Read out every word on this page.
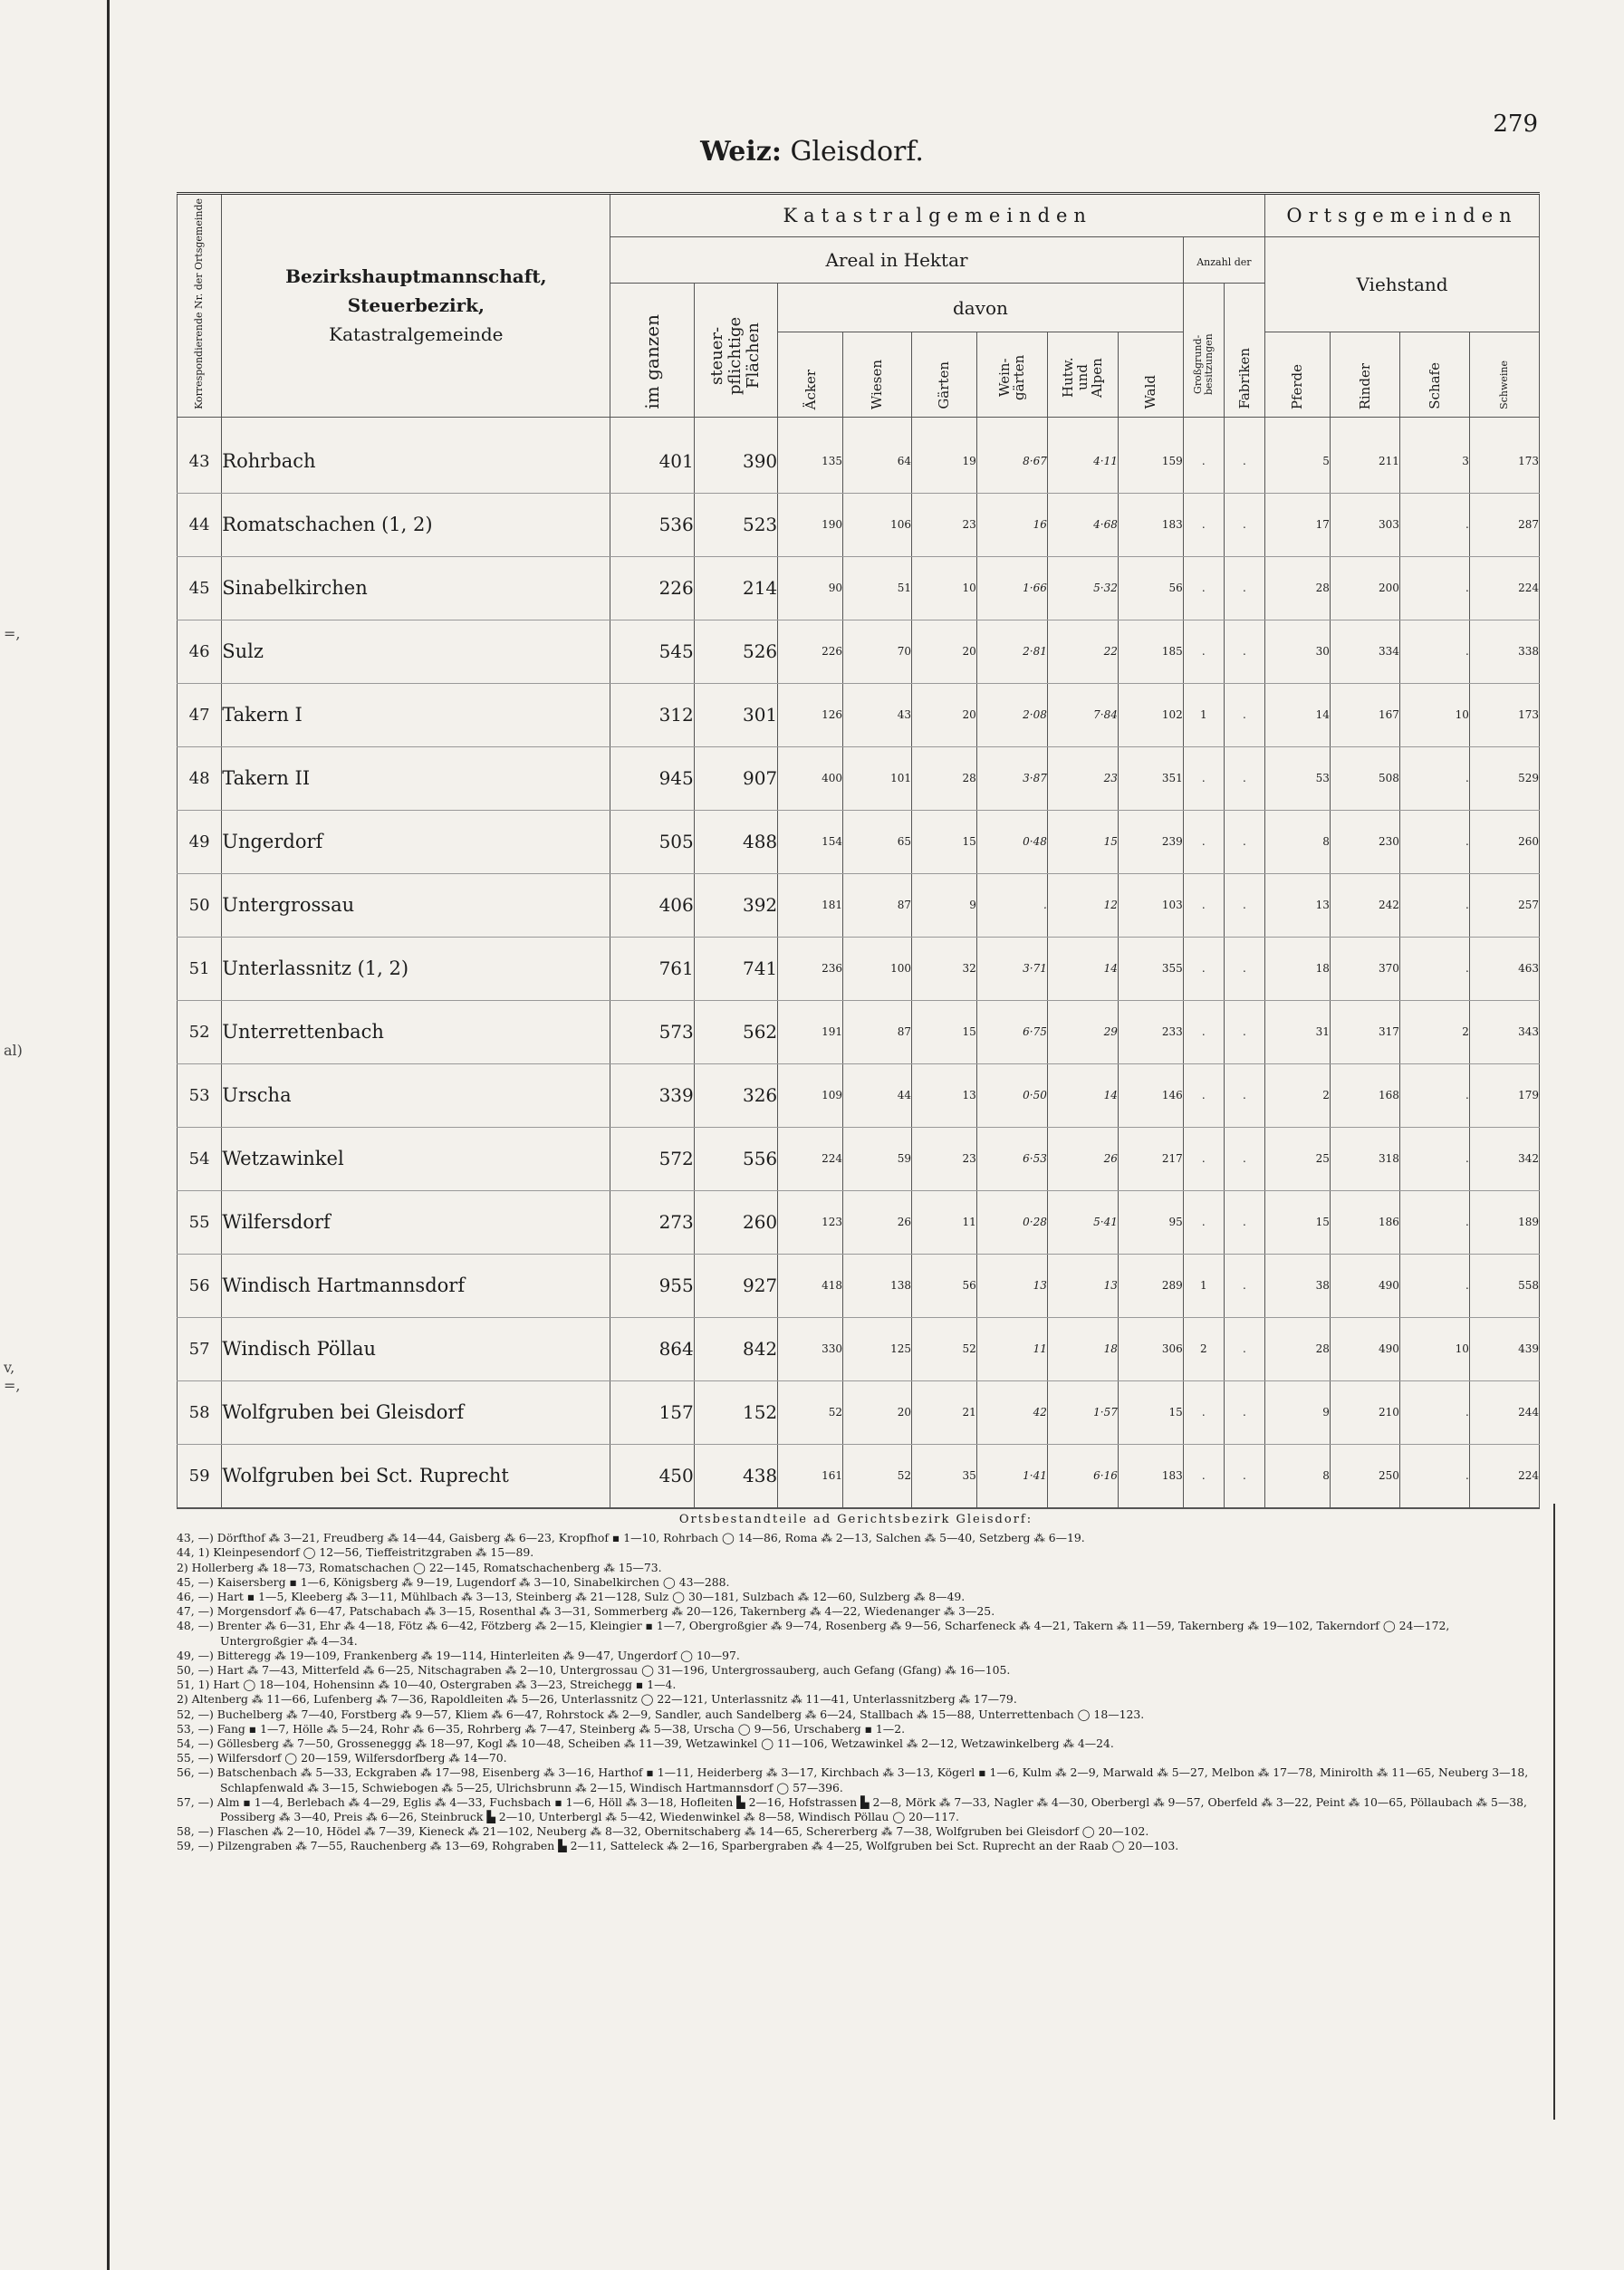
=,
al)
v,
=,
Weiz: Gleisdorf.
279
Korrespondierende Nr. der Ortsgemeinde	Bezirkshauptmannschaft,
Steuerbezirk,
Katastralgemeinde	Katastralgemeinden										Ortsgemeinden			
		Areal in Hektar								Anzahl der		Viehstand			
		im ganzen	steuer-pflichtige Flächen	davon						Großgrund-besitzungen	Fabriken				
				Äcker	Wiesen	Gärten	Wein-gärten	Hutw. und Alpen	Wald			Pferde	Rinder	Schafe	Schweine

43	Rohrbach	401	390	135	64	19	8·67	4·11	159	.	.	5	211	3	173
44	Romatschachen (1, 2)	536	523	190	106	23	16	4·68	183	.	.	17	303	.	287
45	Sinabelkirchen	226	214	90	51	10	1·66	5·32	56	.	.	28	200	.	224
46	Sulz	545	526	226	70	20	2·81	22	185	.	.	30	334	.	338
47	Takern I	312	301	126	43	20	2·08	7·84	102	1	.	14	167	10	173
48	Takern II	945	907	400	101	28	3·87	23	351	.	.	53	508	.	529
49	Ungerdorf	505	488	154	65	15	0·48	15	239	.	.	8	230	.	260
50	Untergrossau	406	392	181	87	9	.	12	103	.	.	13	242	.	257
51	Unterlassnitz (1, 2)	761	741	236	100	32	3·71	14	355	.	.	18	370	.	463
52	Unterrettenbach	573	562	191	87	15	6·75	29	233	.	.	31	317	2	343
53	Urscha	339	326	109	44	13	0·50	14	146	.	.	2	168	.	179
54	Wetzawinkel	572	556	224	59	23	6·53	26	217	.	.	25	318	.	342
55	Wilfersdorf	273	260	123	26	11	0·28	5·41	95	.	.	15	186	.	189
56	Windisch Hartmannsdorf	955	927	418	138	56	13	13	289	1	.	38	490	.	558
57	Windisch Pöllau	864	842	330	125	52	11	18	306	2	.	28	490	10	439
58	Wolfgruben bei Gleisdorf	157	152	52	20	21	42	1·57	15	.	.	9	210	.	244
59	Wolfgruben bei Sct. Ruprecht	450	438	161	52	35	1·41	6·16	183	.	.	8	250	.	224
Ortsbestandteile ad Gerichtsbezirk Gleisdorf:

43, —) Dörfthof ⁂ 3—21, Freudberg ⁂ 14—44, Gaisberg ⁂ 6—23, Kropfhof ▪ 1—10, Rohrbach ◯ 14—86, Roma ⁂ 2—13, Salchen ⁂ 5—40, Setzberg ⁂ 6—19.

44, 1) Kleinpesendorf ◯ 12—56, Tieffeistritzgraben ⁂ 15—89.

2) Hollerberg ⁂ 18—73, Romatschachen ◯ 22—145, Romatschachenberg ⁂ 15—73.

45, —) Kaisersberg ▪ 1—6, Königsberg ⁂ 9—19, Lugendorf ⁂ 3—10, Sinabelkirchen ◯ 43—288.

46, —) Hart ▪ 1—5, Kleeberg ⁂ 3—11, Mühlbach ⁂ 3—13, Steinberg ⁂ 21—128, Sulz ◯ 30—181, Sulzbach ⁂ 12—60, Sulzberg ⁂ 8—49.

47, —) Morgensdorf ⁂ 6—47, Patschabach ⁂ 3—15, Rosenthal ⁂ 3—31, Sommerberg ⁂ 20—126, Takernberg ⁂ 4—22, Wiedenanger ⁂ 3—25.

48, —) Brenter ⁂ 6—31, Ehr ⁂ 4—18, Fötz ⁂ 6—42, Fötzberg ⁂ 2—15, Kleingier ▪ 1—7, Obergroßgier ⁂ 9—74, Rosenberg ⁂ 9—56, Scharfeneck ⁂ 4—21, Takern ⁂ 11—59, Takernberg ⁂ 19—102, Takerndorf ◯ 24—172, Untergroßgier ⁂ 4—34.

49, —) Bitteregg ⁂ 19—109, Frankenberg ⁂ 19—114, Hinterleiten ⁂ 9—47, Ungerdorf ◯ 10—97.

50, —) Hart ⁂ 7—43, Mitterfeld ⁂ 6—25, Nitschagraben ⁂ 2—10, Untergrossau ◯ 31—196, Untergrossauberg, auch Gefang (Gfang) ⁂ 16—105.

51, 1) Hart ◯ 18—104, Hohensinn ⁂ 10—40, Ostergraben ⁂ 3—23, Streichegg ▪ 1—4.

2) Altenberg ⁂ 11—66, Lufenberg ⁂ 7—36, Rapoldleiten ⁂ 5—26, Unterlassnitz ◯ 22—121, Unterlassnitz ⁂ 11—41, Unterlassnitzberg ⁂ 17—79.

52, —) Buchelberg ⁂ 7—40, Forstberg ⁂ 9—57, Kliem ⁂ 6—47, Rohrstock ⁂ 2—9, Sandler, auch Sandelberg ⁂ 6—24, Stallbach ⁂ 15—88, Unterrettenbach ◯ 18—123.

53, —) Fang ▪ 1—7, Hölle ⁂ 5—24, Rohr ⁂ 6—35, Rohrberg ⁂ 7—47, Steinberg ⁂ 5—38, Urscha ◯ 9—56, Urschaberg ▪ 1—2.

54, —) Göllesberg ⁂ 7—50, Grosseneggg ⁂ 18—97, Kogl ⁂ 10—48, Scheiben ⁂ 11—39, Wetzawinkel ◯ 11—106, Wetzawinkel ⁂ 2—12, Wetzawinkelberg ⁂ 4—24.

55, —) Wilfersdorf ◯ 20—159, Wilfersdorfberg ⁂ 14—70.

56, —) Batschenbach ⁂ 5—33, Eckgraben ⁂ 17—98, Eisenberg ⁂ 3—16, Harthof ▪ 1—11, Heiderberg ⁂ 3—17, Kirchbach ⁂ 3—13, Kögerl ▪ 1—6, Kulm ⁂ 2—9, Marwald ⁂ 5—27, Melbon ⁂ 17—78, Minirolth ⁂ 11—65, Neuberg 3—18, Schlapfenwald ⁂ 3—15, Schwiebogen ⁂ 5—25, Ulrichsbrunn ⁂ 2—15, Windisch Hartmannsdorf ◯ 57—396.

57, —) Alm ▪ 1—4, Berlebach ⁂ 4—29, Eglis ⁂ 4—33, Fuchsbach ▪ 1—6, Höll ⁂ 3—18, Hofleiten ▙ 2—16, Hofstrassen ▙ 2—8, Mörk ⁂ 7—33, Nagler ⁂ 4—30, Oberbergl ⁂ 9—57, Oberfeld ⁂ 3—22, Peint ⁂ 10—65, Pöllaubach ⁂ 5—38, Possiberg ⁂ 3—40, Preis ⁂ 6—26, Steinbruck ▙ 2—10, Unterbergl ⁂ 5—42, Wiedenwinkel ⁂ 8—58, Windisch Pöllau ◯ 20—117.

58, —) Flaschen ⁂ 2—10, Hödel ⁂ 7—39, Kieneck ⁂ 21—102, Neuberg ⁂ 8—32, Obernitschaberg ⁂ 14—65, Schererberg ⁂ 7—38, Wolfgruben bei Gleisdorf ◯ 20—102.

59, —) Pilzengraben ⁂ 7—55, Rauchenberg ⁂ 13—69, Rohgraben ▙ 2—11, Satteleck ⁂ 2—16, Sparbergraben ⁂ 4—25, Wolfgruben bei Sct. Ruprecht an der Raab ◯ 20—103.
